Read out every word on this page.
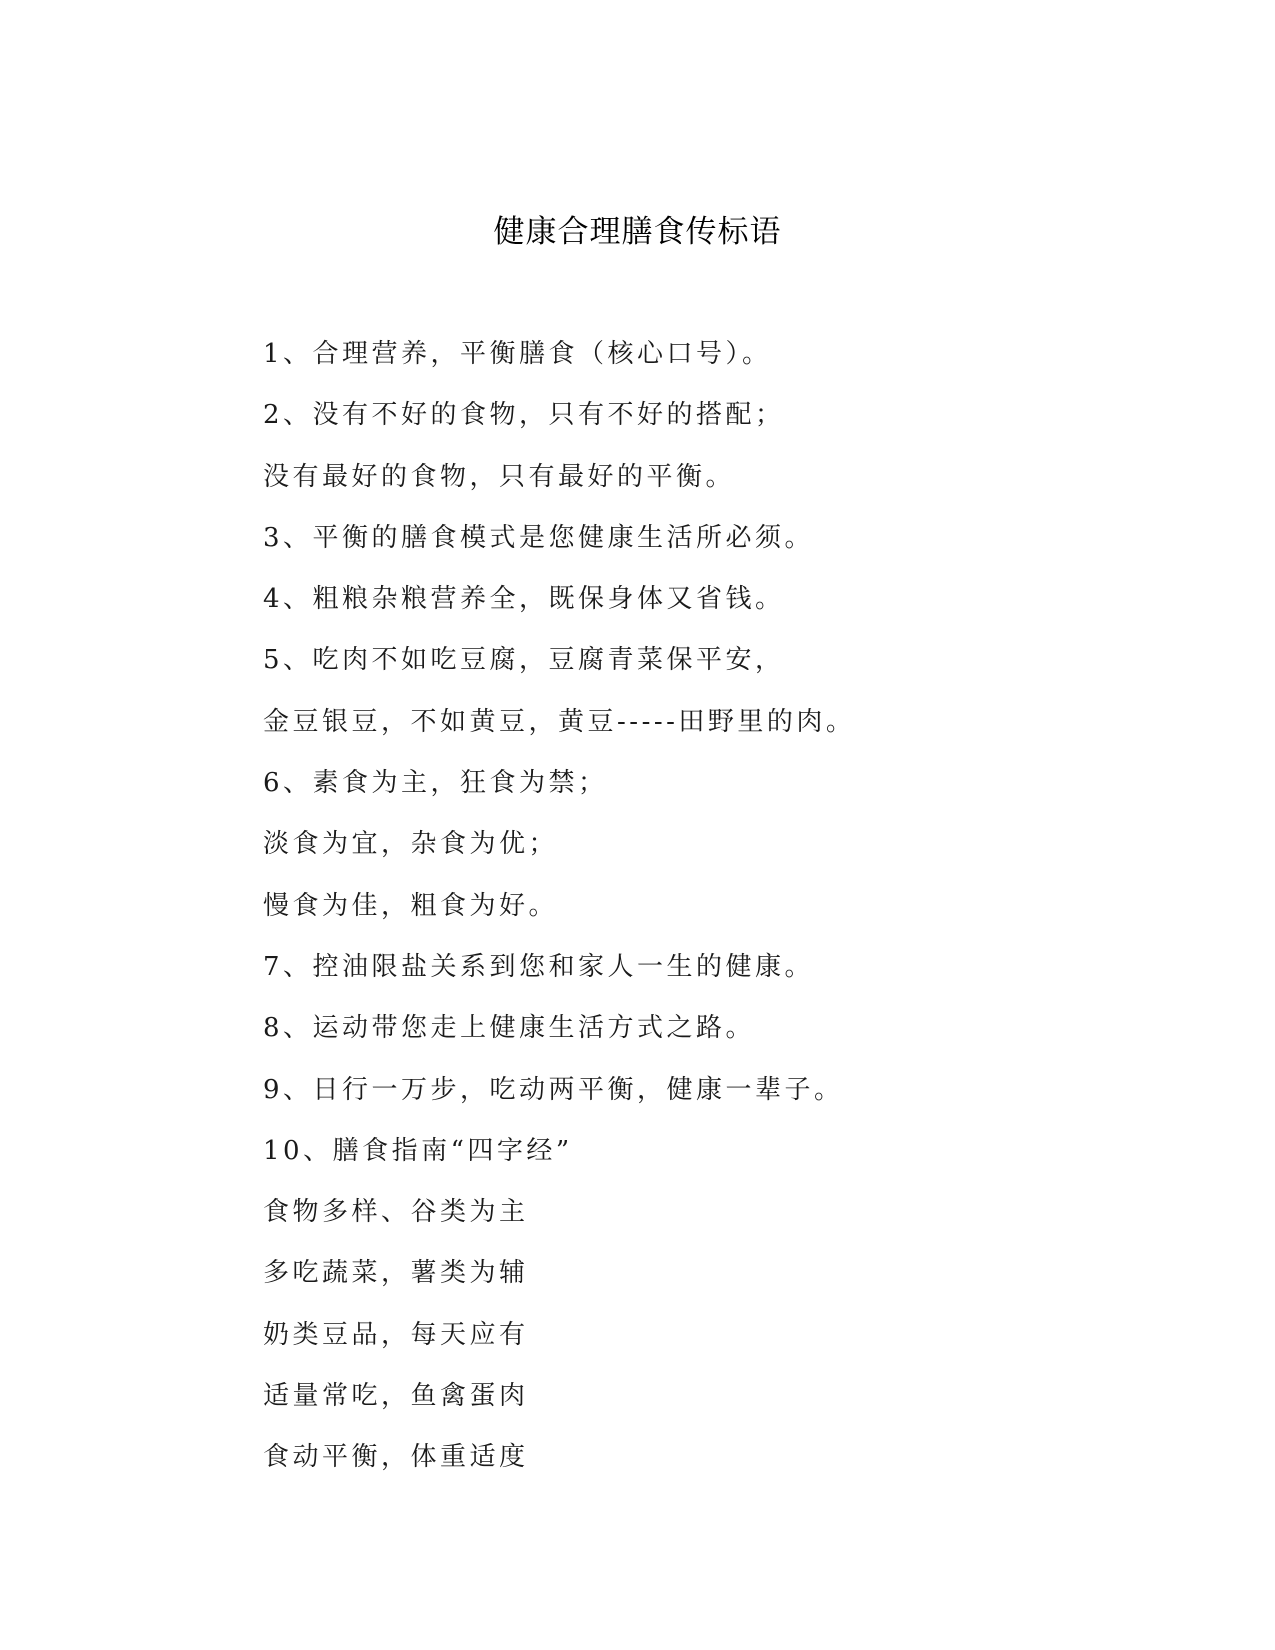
健康合理膳食传标语
1、合理营养，平衡膳食（核心口号）。
2、没有不好的食物，只有不好的搭配；
没有最好的食物，只有最好的平衡。
3、平衡的膳食模式是您健康生活所必须。
4、粗粮杂粮营养全，既保身体又省钱。
5、吃肉不如吃豆腐，豆腐青菜保平安，
金豆银豆，不如黄豆，黄豆-----田野里的肉。
6、素食为主，狂食为禁；
淡食为宜，杂食为优；
慢食为佳，粗食为好。
7、控油限盐关系到您和家人一生的健康。
8、运动带您走上健康生活方式之路。
9、日行一万步，吃动两平衡，健康一辈子。
10、膳食指南“四字经”
食物多样、谷类为主
多吃蔬菜，薯类为辅
奶类豆品，每天应有
适量常吃，鱼禽蛋肉
食动平衡，体重适度
